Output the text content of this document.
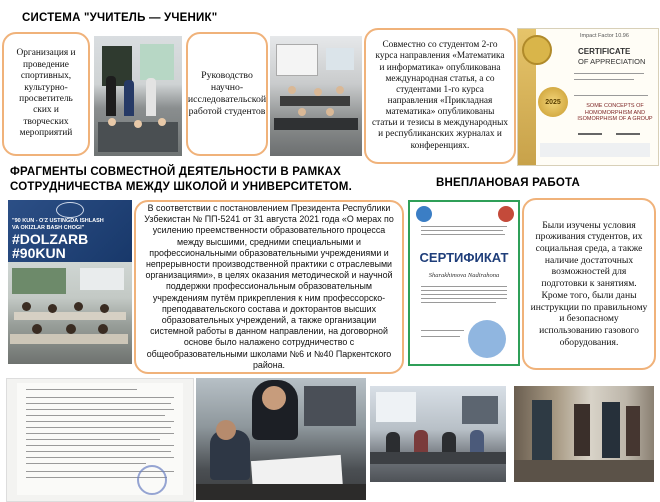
СИСТЕМА "УЧИТЕЛЬ — УЧЕНИК"
Организация и проведение спортивных, культурно-просветитель ских и творческих мероприятий
Руководство научно-исследовательской работой студентов
Совместно со студентом 2-го курса направления «Математика и информатика» опубликована международная статья, а со студентами 1-го курса направления «Прикладная математика» опубликованы статьи и тезисы в международных и республиканских журналах и конференциях.
Impact Factor 10.96
CERTIFICATE
OF APPRECIATION
2025
SOME CONCEPTS OF HOMOMORPHISM AND ISOMORPHISM OF A GROUP
ФРАГМЕНТЫ СОВМЕСТНОЙ ДЕЯТЕЛЬНОСТИ В РАМКАХ
СОТРУДНИЧЕСТВА МЕЖДУ ШКОЛОЙ И УНИВЕРСИТЕТОМ.	ВНЕПЛАНОВАЯ РАБОТА
"90 KUN - O'Z USTINGDA ISHLASH
VA OKIZLAR BASH CHOGI"
#DOLZARB
#90KUN
В соответствии с постановлением Президента Республики Узбекистан № ПП-5241 от 31 августа 2021 года «О мерах по усилению преемственности образовательного процесса между высшими, средними специальными и профессиональными образовательными учреждениями и непрерывности производственной практики с отраслевыми организациями», в целях оказания методической и научной поддержки профессиональным образовательным учреждениям путём прикрепления к ним профессорско-преподавательского состава и докторантов высших образовательных учреждений, а также организации системной работы в данном направлении, на договорной основе было налажено сотрудничество с общеобразовательными школами №6 и №40 Паркентского района.
СЕРТИФИКАТ
Sharakhimova Nadirahona
Были изучены условия проживания студентов, их социальная среда, а также наличие достаточных возможностей для подготовки к занятиям. Кроме того, были даны инструкции по правильному и безопасному использованию газового оборудования.
